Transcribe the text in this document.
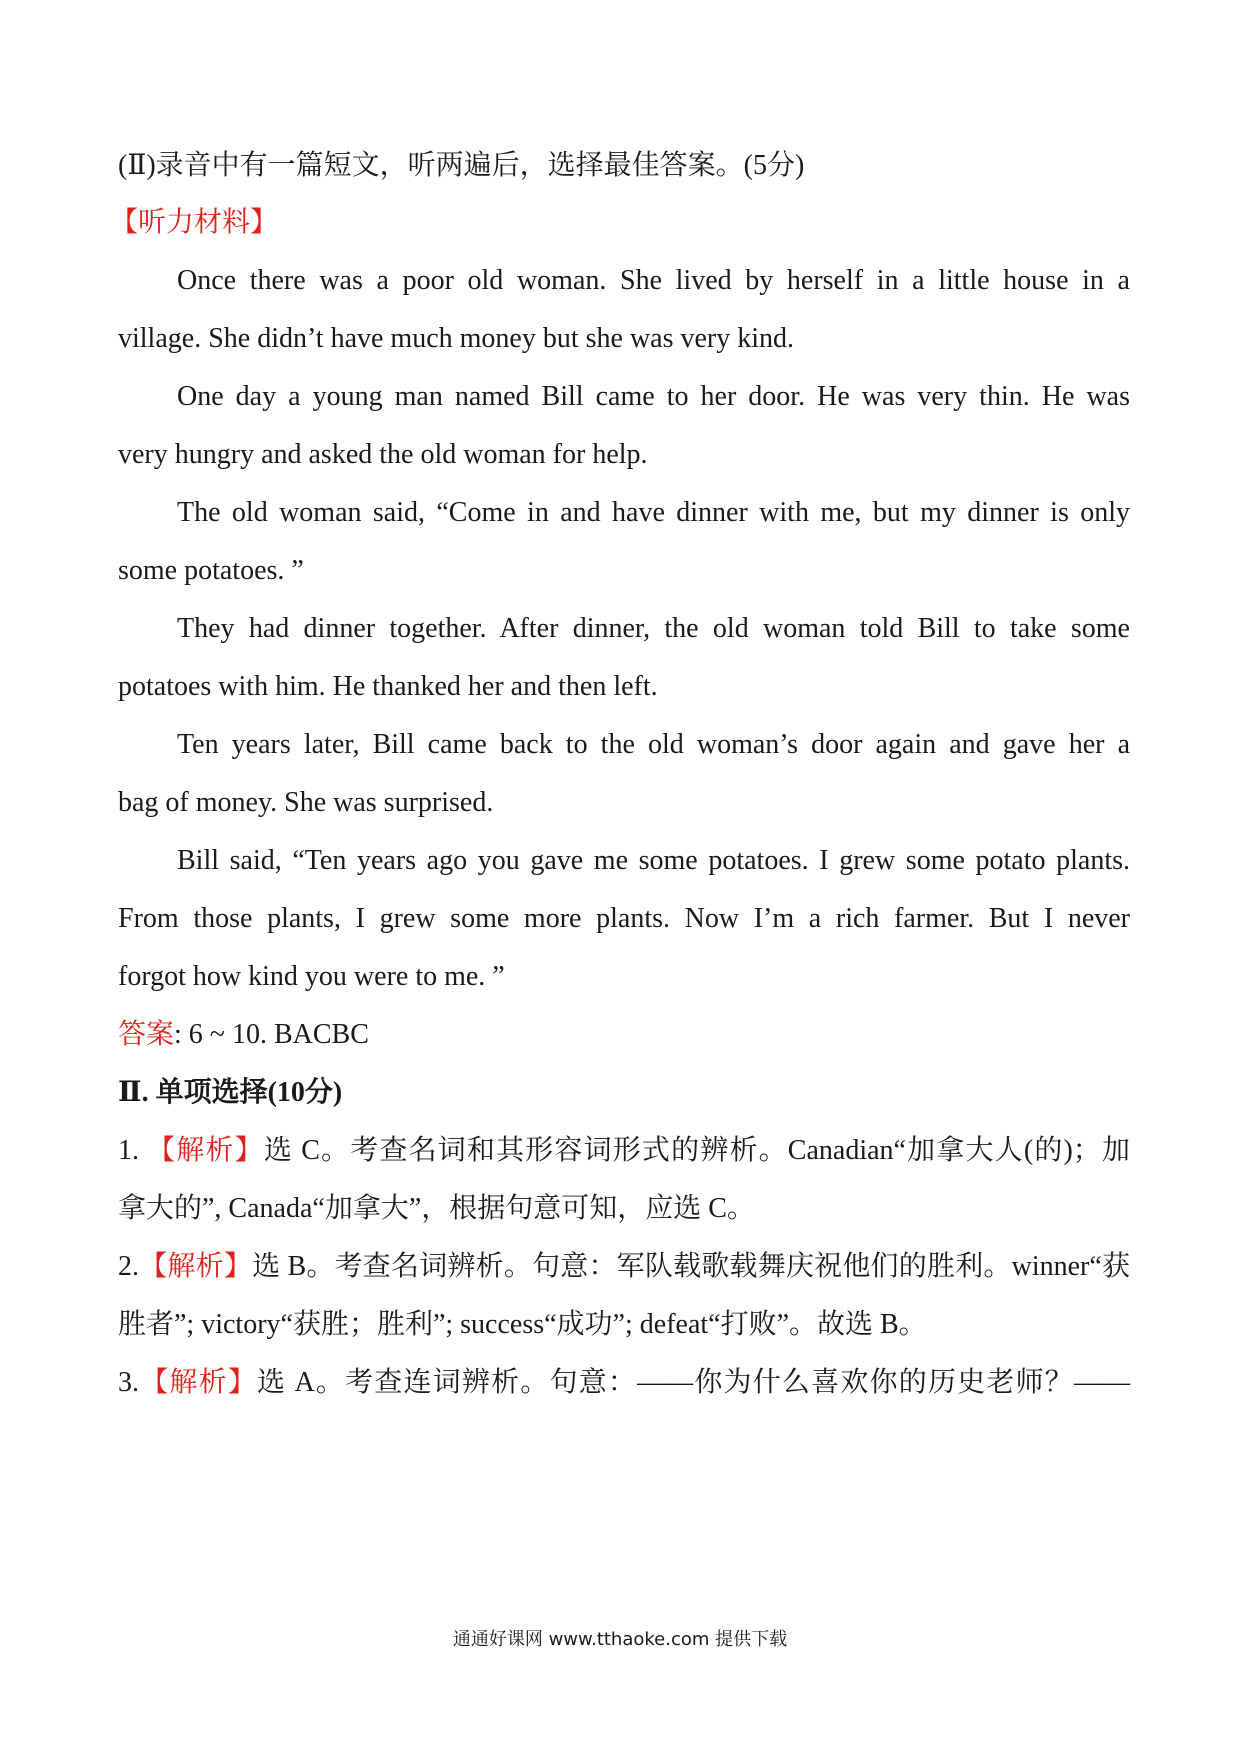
(Ⅱ)录音中有一篇短文，听两遍后，选择最佳答案。(5分)
【听力材料】
Once there was a poor old woman. She lived by herself in a little house in a
village. She didn’t have much money but she was very kind.
One day a young man named Bill came to her door. He was very thin. He was
very hungry and asked the old woman for help.
The old woman said, “Come in and have dinner with me, but my dinner is only
some potatoes. ”
They had dinner together. After dinner, the old woman told Bill to take some
potatoes with him. He thanked her and then left.
Ten years later, Bill came back to the old woman’s door again and gave her a
bag of money. She was surprised.
Bill said, “Ten years ago you gave me some potatoes. I grew some potato plants.
From those plants, I grew some more plants. Now I’m a rich farmer. But I never
forgot how kind you were to me. ”
答案: 6 ~ 10. BACBC
Ⅱ. 单项选择(10分)
1. 【解析】选 C。考查名词和其形容词形式的辨析。Canadian“加拿大人(的)；加
拿大的”, Canada“加拿大”，根据句意可知，应选 C。
2.【解析】选 B。考查名词辨析。句意：军队载歌载舞庆祝他们的胜利。winner“获
胜者”; victory“获胜；胜利”; success“成功”; defeat“打败”。故选 B。
3.【解析】选 A。考查连词辨析。句意：——你为什么喜欢你的历史老师？——
通通好课网 www.tthaoke.com 提供下载
